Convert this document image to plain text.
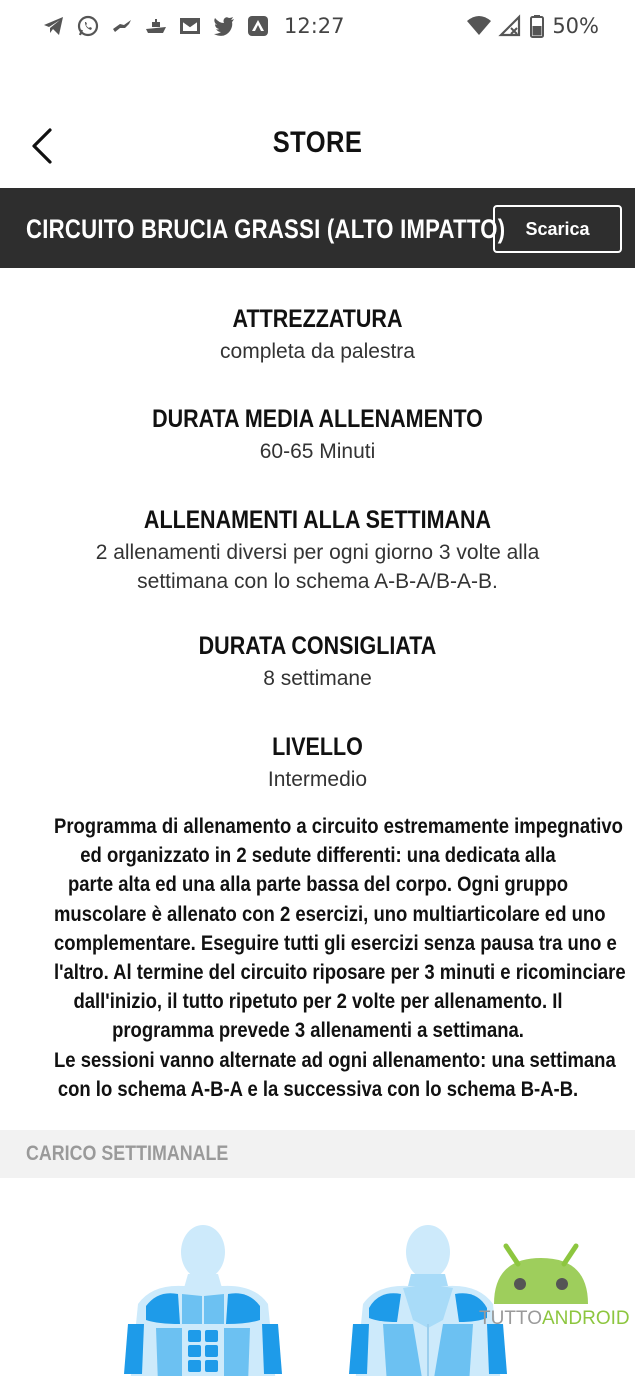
12:27	50%
STORE
CIRCUITO BRUCIA GRASSI (ALTO IMPATTO)	Scarica
ATTREZZATURA
completa da palestra
DURATA MEDIA ALLENAMENTO
60-65 Minuti
ALLENAMENTI ALLA SETTIMANA
2 allenamenti diversi per ogni giorno 3 volte alla settimana con lo schema A-B-A/B-A-B.
DURATA CONSIGLIATA
8 settimane
LIVELLO
Intermedio
Programma di allenamento a circuito estremamente impegnativo
ed organizzato in 2 sedute differenti: una dedicata alla
parte alta ed una alla parte bassa del corpo. Ogni gruppo
muscolare è allenato con 2 esercizi, uno multiarticolare ed uno
complementare. Eseguire tutti gli esercizi senza pausa tra uno e
l'altro. Al termine del circuito riposare per 3 minuti e ricominciare
dall'inizio, il tutto ripetuto per 2 volte per allenamento. Il
programma prevede 3 allenamenti a settimana.
Le sessioni vanno alternate ad ogni allenamento: una settimana
con lo schema A-B-A e la successiva con lo schema B-A-B.
CARICO SETTIMANALE
TUTTOANDROID
